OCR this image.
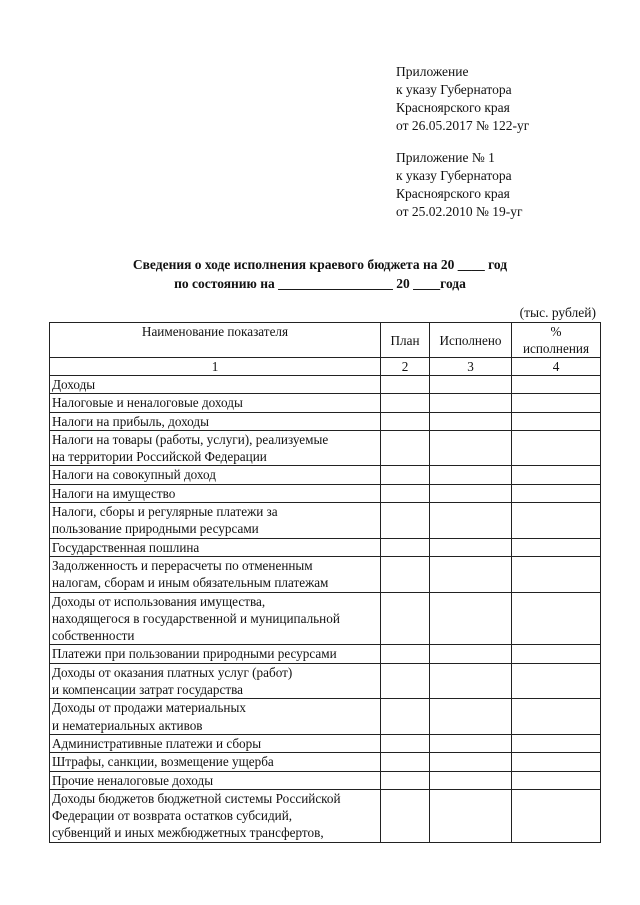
Приложение
к указу Губернатора
Красноярского края
от 26.05.2017 № 122-уг
Приложение № 1
к указу Губернатора
Красноярского края
от 25.02.2010 № 19-уг
Сведения о ходе исполнения краевого бюджета на 20 ____ год
по состоянию на _________________ 20 ____года
(тыс. рублей)
Наименование показателя	План	Исполнено	%
исполнения

1	2	3	4

Доходы			

Налоговые и неналоговые доходы			

Налоги на прибыль, доходы			

Налоги на товары (работы, услуги), реализуемые
на территории Российской Федерации			

Налоги на совокупный доход			

Налоги на имущество			

Налоги, сборы и регулярные платежи за
пользование природными ресурсами			

Государственная пошлина			

Задолженность и перерасчеты по отмененным
налогам, сборам и иным обязательным платежам			

Доходы от использования имущества,
находящегося в государственной и муниципальной
собственности			

Платежи при пользовании природными ресурсами			

Доходы от оказания платных услуг (работ)
и компенсации затрат государства			

Доходы от продажи материальных
и нематериальных активов			

Административные платежи и сборы			

Штрафы, санкции, возмещение ущерба			

Прочие неналоговые доходы			

Доходы бюджетов бюджетной системы Российской
Федерации от возврата остатков субсидий,
субвенций и иных межбюджетных трансфертов,			
